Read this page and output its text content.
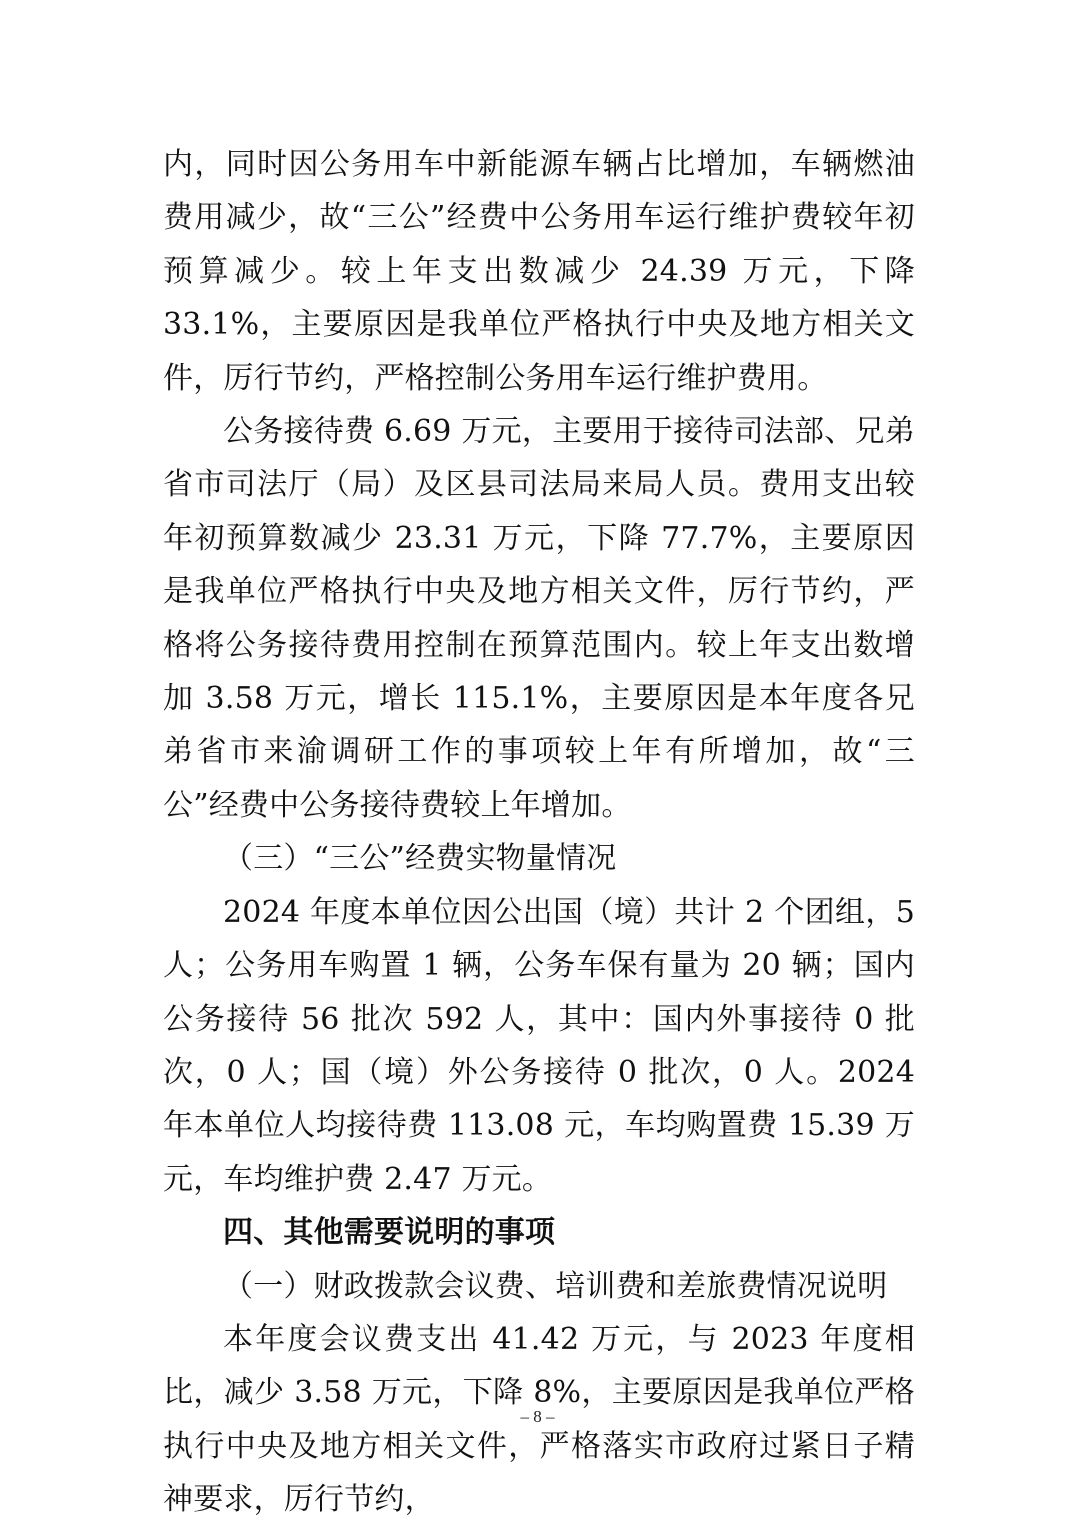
内，同时因公务用车中新能源车辆占比增加，车辆燃油费用减少，故“三公”经费中公务用车运行维护费较年初预算减少。较上年支出数减少 24.39 万元，下降 33.1%，主要原因是我单位严格执行中央及地方相关文件，厉行节约，严格控制公务用车运行维护费用。

公务接待费 6.69 万元，主要用于接待司法部、兄弟省市司法厅（局）及区县司法局来局人员。费用支出较年初预算数减少 23.31 万元，下降 77.7%，主要原因是我单位严格执行中央及地方相关文件，厉行节约，严格将公务接待费用控制在预算范围内。较上年支出数增加 3.58 万元，增长 115.1%，主要原因是本年度各兄弟省市来渝调研工作的事项较上年有所增加，故“三公”经费中公务接待费较上年增加。

（三）“三公”经费实物量情况

2024 年度本单位因公出国（境）共计 2 个团组，5 人；公务用车购置 1 辆，公务车保有量为 20 辆；国内公务接待 56 批次 592 人，其中：国内外事接待 0 批次，0 人；国（境）外公务接待 0 批次，0 人。2024 年本单位人均接待费 113.08 元，车均购置费 15.39 万元，车均维护费 2.47 万元。

四、其他需要说明的事项

（一）财政拨款会议费、培训费和差旅费情况说明

本年度会议费支出 41.42 万元，与 2023 年度相比，减少 3.58 万元，下降 8%，主要原因是我单位严格执行中央及地方相关文件，严格落实市政府过紧日子精神要求，厉行节约，

– 8 –
